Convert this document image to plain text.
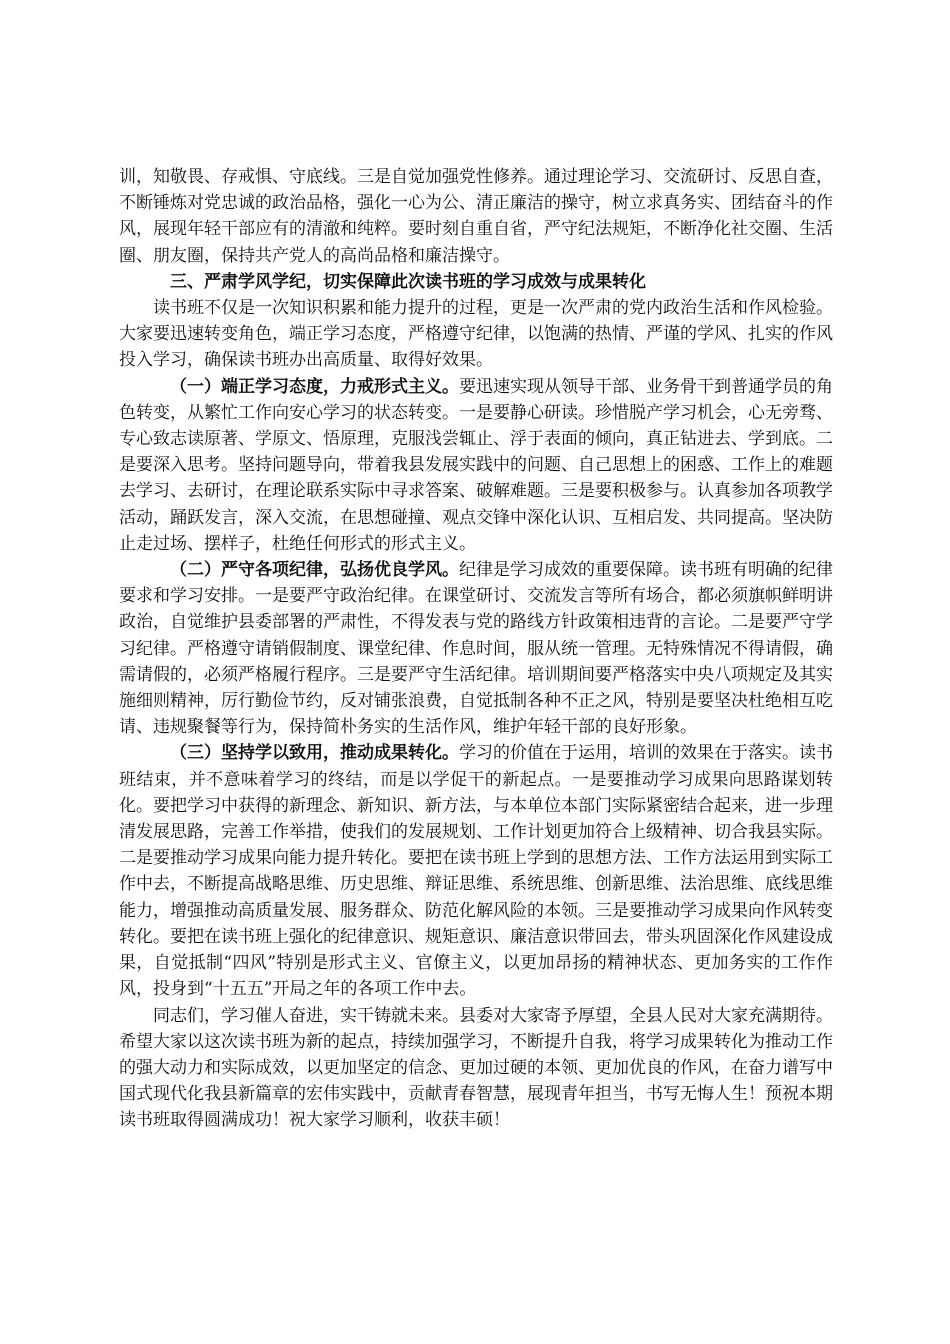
训，知敬畏、存戒惧、守底线。三是自觉加强党性修养。通过理论学习、交流研讨、反思自查，不断锤炼对党忠诚的政治品格，强化一心为公、清正廉洁的操守，树立求真务实、团结奋斗的作风，展现年轻干部应有的清澈和纯粹。要时刻自重自省，严守纪法规矩，不断净化社交圈、生活圈、朋友圈，保持共产党人的高尚品格和廉洁操守。

三、严肃学风学纪，切实保障此次读书班的学习成效与成果转化

读书班不仅是一次知识积累和能力提升的过程，更是一次严肃的党内政治生活和作风检验。大家要迅速转变角色，端正学习态度，严格遵守纪律，以饱满的热情、严谨的学风、扎实的作风投入学习，确保读书班办出高质量、取得好效果。

（一）端正学习态度，力戒形式主义。要迅速实现从领导干部、业务骨干到普通学员的角色转变，从繁忙工作向安心学习的状态转变。一是要静心研读。珍惜脱产学习机会，心无旁骛、专心致志读原著、学原文、悟原理，克服浅尝辄止、浮于表面的倾向，真正钻进去、学到底。二是要深入思考。坚持问题导向，带着我县发展实践中的问题、自己思想上的困惑、工作上的难题去学习、去研讨，在理论联系实际中寻求答案、破解难题。三是要积极参与。认真参加各项教学活动，踊跃发言，深入交流，在思想碰撞、观点交锋中深化认识、互相启发、共同提高。坚决防止走过场、摆样子，杜绝任何形式的形式主义。

（二）严守各项纪律，弘扬优良学风。纪律是学习成效的重要保障。读书班有明确的纪律要求和学习安排。一是要严守政治纪律。在课堂研讨、交流发言等所有场合，都必须旗帜鲜明讲政治，自觉维护县委部署的严肃性，不得发表与党的路线方针政策相违背的言论。二是要严守学习纪律。严格遵守请销假制度、课堂纪律、作息时间，服从统一管理。无特殊情况不得请假，确需请假的，必须严格履行程序。三是要严守生活纪律。培训期间要严格落实中央八项规定及其实施细则精神，厉行勤俭节约，反对铺张浪费，自觉抵制各种不正之风，特别是要坚决杜绝相互吃请、违规聚餐等行为，保持简朴务实的生活作风，维护年轻干部的良好形象。

（三）坚持学以致用，推动成果转化。学习的价值在于运用，培训的效果在于落实。读书班结束，并不意味着学习的终结，而是以学促干的新起点。一是要推动学习成果向思路谋划转化。要把学习中获得的新理念、新知识、新方法，与本单位本部门实际紧密结合起来，进一步理清发展思路，完善工作举措，使我们的发展规划、工作计划更加符合上级精神、切合我县实际。二是要推动学习成果向能力提升转化。要把在读书班上学到的思想方法、工作方法运用到实际工作中去，不断提高战略思维、历史思维、辩证思维、系统思维、创新思维、法治思维、底线思维能力，增强推动高质量发展、服务群众、防范化解风险的本领。三是要推动学习成果向作风转变转化。要把在读书班上强化的纪律意识、规矩意识、廉洁意识带回去，带头巩固深化作风建设成果，自觉抵制“四风”特别是形式主义、官僚主义，以更加昂扬的精神状态、更加务实的工作作风，投身到“十五五”开局之年的各项工作中去。

同志们，学习催人奋进，实干铸就未来。县委对大家寄予厚望，全县人民对大家充满期待。希望大家以这次读书班为新的起点，持续加强学习，不断提升自我，将学习成果转化为推动工作的强大动力和实际成效，以更加坚定的信念、更加过硬的本领、更加优良的作风，在奋力谱写中国式现代化我县新篇章的宏伟实践中，贡献青春智慧，展现青年担当，书写无悔人生！预祝本期读书班取得圆满成功！祝大家学习顺利，收获丰硕！
